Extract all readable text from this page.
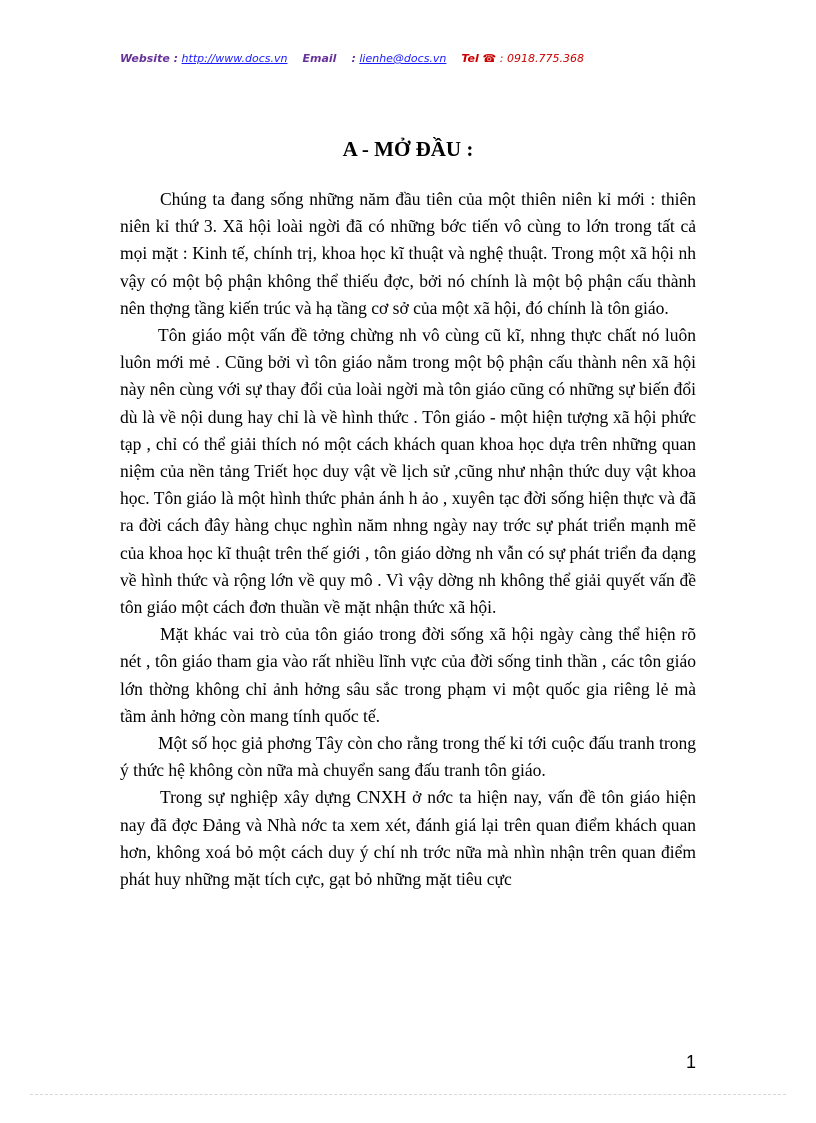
Website : http://www.docs.vn Email : lienhe@docs.vn Tel ☎ : 0918.775.368
A - MỞ ĐẦU :

Chúng ta đang sống những năm đầu tiên của một thiên niên kỉ mới : thiên niên kỉ thứ 3. Xã hội loài ngời đã có những bớc tiến vô cùng to lớn trong tất cả mọi mặt : Kinh tế, chính trị, khoa học kĩ thuật và nghệ thuật. Trong một xã hội nh vậy có một bộ phận không thể thiếu đợc, bởi nó chính là một bộ phận cấu thành nên thợng tầng kiến trúc và hạ tầng cơ sở của một xã hội, đó chính là tôn giáo.

Tôn giáo một vấn đề tởng chừng nh vô cùng cũ kĩ, nhng thực chất nó luôn luôn mới mẻ . Cũng bởi vì tôn giáo nằm trong một bộ phận cấu thành nên xã hội này nên cùng với sự thay đổi của loài ngời mà tôn giáo cũng có những sự biến đổi dù là về nội dung hay chỉ là về hình thức . Tôn giáo - một hiện tượng xã hội phức tạp , chỉ có thể giải thích nó một cách khách quan khoa học dựa trên những quan niệm của nền tảng Triết học duy vật về lịch sử ,cũng như nhận thức duy vật khoa học. Tôn giáo là một hình thức phản ánh h ảo , xuyên tạc đời sống hiện thực và đã ra đời cách đây hàng chục nghìn năm nhng ngày nay trớc sự phát triển mạnh mẽ của khoa học kĩ thuật trên thế giới , tôn giáo dờng nh vẫn có sự phát triển đa dạng về hình thức và rộng lớn về quy mô . Vì vậy dờng nh không thể giải quyết vấn đề tôn giáo một cách đơn thuần về mặt nhận thức xã hội.

Mặt khác vai trò của tôn giáo trong đời sống xã hội ngày càng thể hiện rõ nét , tôn giáo tham gia vào rất nhiều lĩnh vực của đời sống tinh thần , các tôn giáo lớn thờng không chỉ ảnh hởng sâu sắc trong phạm vi một quốc gia riêng lẻ mà tầm ảnh hởng còn mang tính quốc tế.

Một số học giả phơng Tây còn cho rằng trong thế kỉ tới cuộc đấu tranh trong ý thức hệ không còn nữa mà chuyển sang đấu tranh tôn giáo.

Trong sự nghiệp xây dựng CNXH ở nớc ta hiện nay, vấn đề tôn giáo hiện nay đã đợc Đảng và Nhà nớc ta xem xét, đánh giá lại trên quan điểm khách quan hơn, không xoá bỏ một cách duy ý chí nh trớc nữa mà nhìn nhận trên quan điểm phát huy những mặt tích cực, gạt bỏ những mặt tiêu cực

1
